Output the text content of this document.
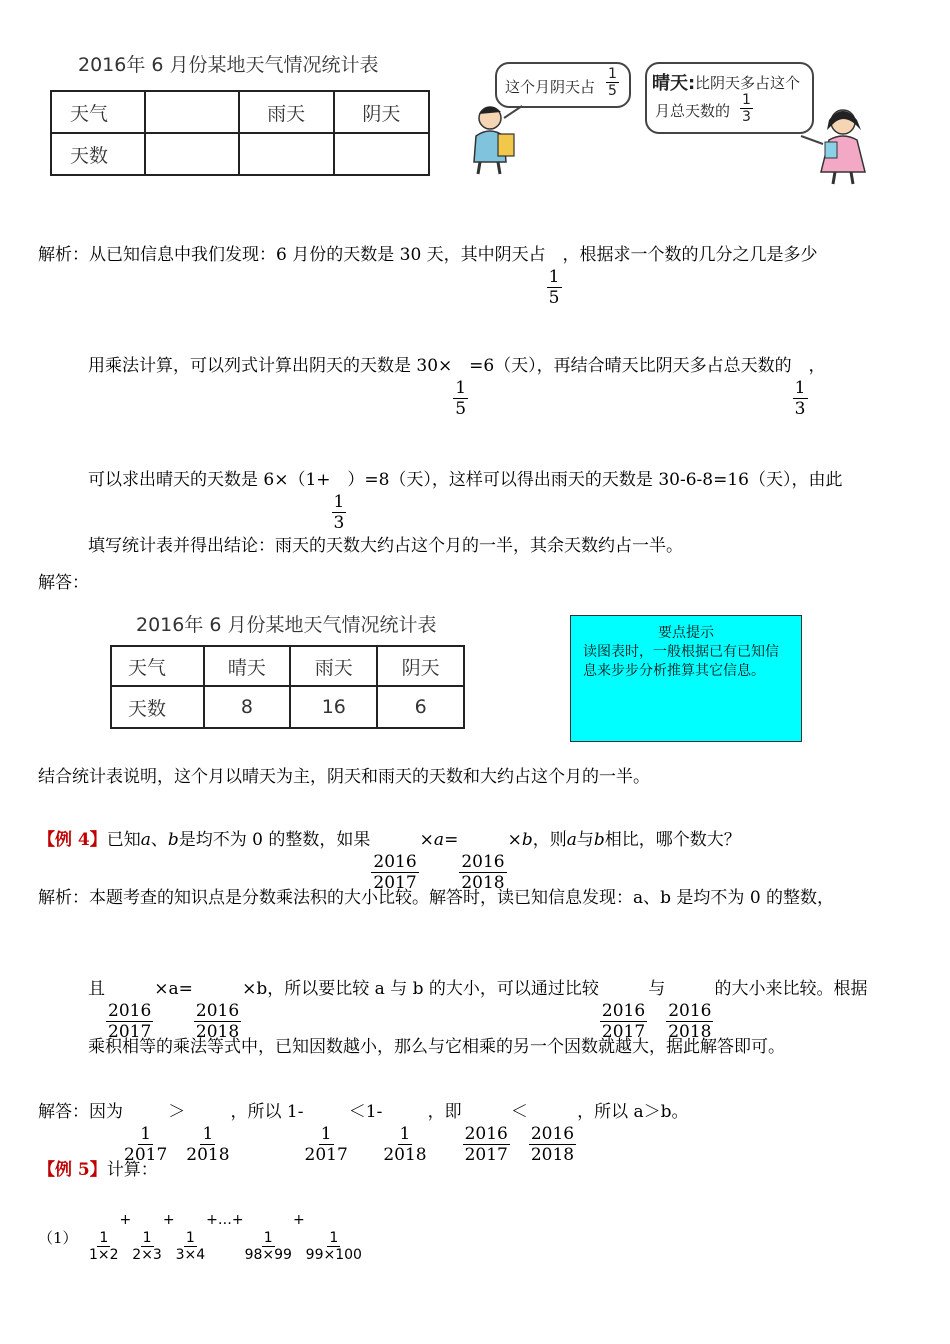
2016年 6 月份某地天气情况统计表
天气		雨天	阴天
天数			
这个月阴天占
1
5 晴天: 比阴天多占这个
月总天数的
1
3
解析：从已知信息中我们发现：6 月份的天数是 30 天，其中阴天占
$\frac{1}{5}$
，根据求一个数的几分之几是多少
用乘法计算，可以列式计算出阴天的天数是 30×
$\frac{1}{5}$
=6（天），再结合晴天比阴天多占总天数的
$\frac{1}{3}$
，
可以求出晴天的天数是 6×（1+
$\frac{1}{3}$
）=8（天），这样可以得出雨天的天数是 30-6-8=16（天），由此
填写统计表并得出结论：雨天的天数大约占这个月的一半，其余天数约占一半。
解答：
2016年 6 月份某地天气情况统计表
天气	晴天	雨天	阴天
天数	8	16	6
要点提示
读图表时，一般根据已有已知信息来步步分析推算其它信息。
结合统计表说明，这个月以晴天为主，阴天和雨天的天数和大约占这个月的一半。
【例 4】已知a、b是均不为 0 的整数，如果
$\frac{2016}{2017}$
×a=
$\frac{2016}{2018}$
×b，则a与b相比，哪个数大？
解析：本题考查的知识点是分数乘法积的大小比较。解答时，读已知信息发现：a、b 是均不为 0 的整数，
且
$\frac{2016}{2017}$
×a=
$\frac{2016}{2018}$
×b，所以要比较 a 与 b 的大小，可以通过比较
$\frac{2016}{2017}$
与
$\frac{2016}{2018}$
的大小来比较。根据
乘积相等的乘法等式中，已知因数越小，那么与它相乘的另一个因数就越大，据此解答即可。
解答：因为
$\frac{1}{2017}$
＞
$\frac{1}{2018}$
，所以 1-
$\frac{1}{2017}$
＜1-
$\frac{1}{2018}$
，即
$\frac{2016}{2017}$
＜
$\frac{2016}{2018}$
，所以 a＞b。
【例 5】计算：
$(1) \frac{1}{1\times 2}$
+
$\frac{1}{2\times 3}$
+
$\frac{1}{3\times 4}$
+…+
$\frac{1}{98\times 99}$
+
$\frac{1}{99\times 100}$
